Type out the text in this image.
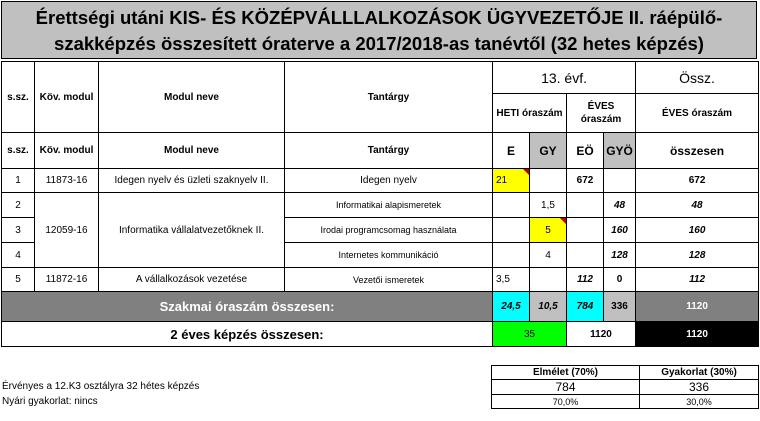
Érettségi utáni KIS- ÉS KÖZÉPVÁLLLALKOZÁSOK ÜGYVEZETŐJE II. ráépülő-
szakképzés összesített óraterve a 2017/2018-as tanévtől (32 hetes képzés)
s.sz.	Köv. modul	Modul neve	Tantárgy	13. évf.				Össz.
				HETI óraszám		ÉVES óraszám		ÉVES óraszám
s.sz.	Köv. modul	Modul neve	Tantárgy	E	GY	EÖ	GYÖ	összesen
1	11873-16	Idegen nyelv és üzleti szaknyelv II.	Idegen nyelv	21		672		672
2	12059-16	Informatika vállalatvezetőknek II.	Informatikai alapismeretek		1,5		48	48
3			Irodai programcsomag használata		5		160	160
4			Internetes kommunikáció		4		128	128
5	11872-16	A vállalkozások vezetése	Vezetői ismeretek	3,5		112	0	112
Szakmai óraszám összesen:				24,5	10,5	784	336	1120
2 éves képzés összesen:				35		1120		1120
Érvényes a 12.K3 osztályra 32 hétes képzés
Nyári gyakorlat: nincs
Elmélet (70%)	Gyakorlat (30%)
784	336
70,0%	30,0%
